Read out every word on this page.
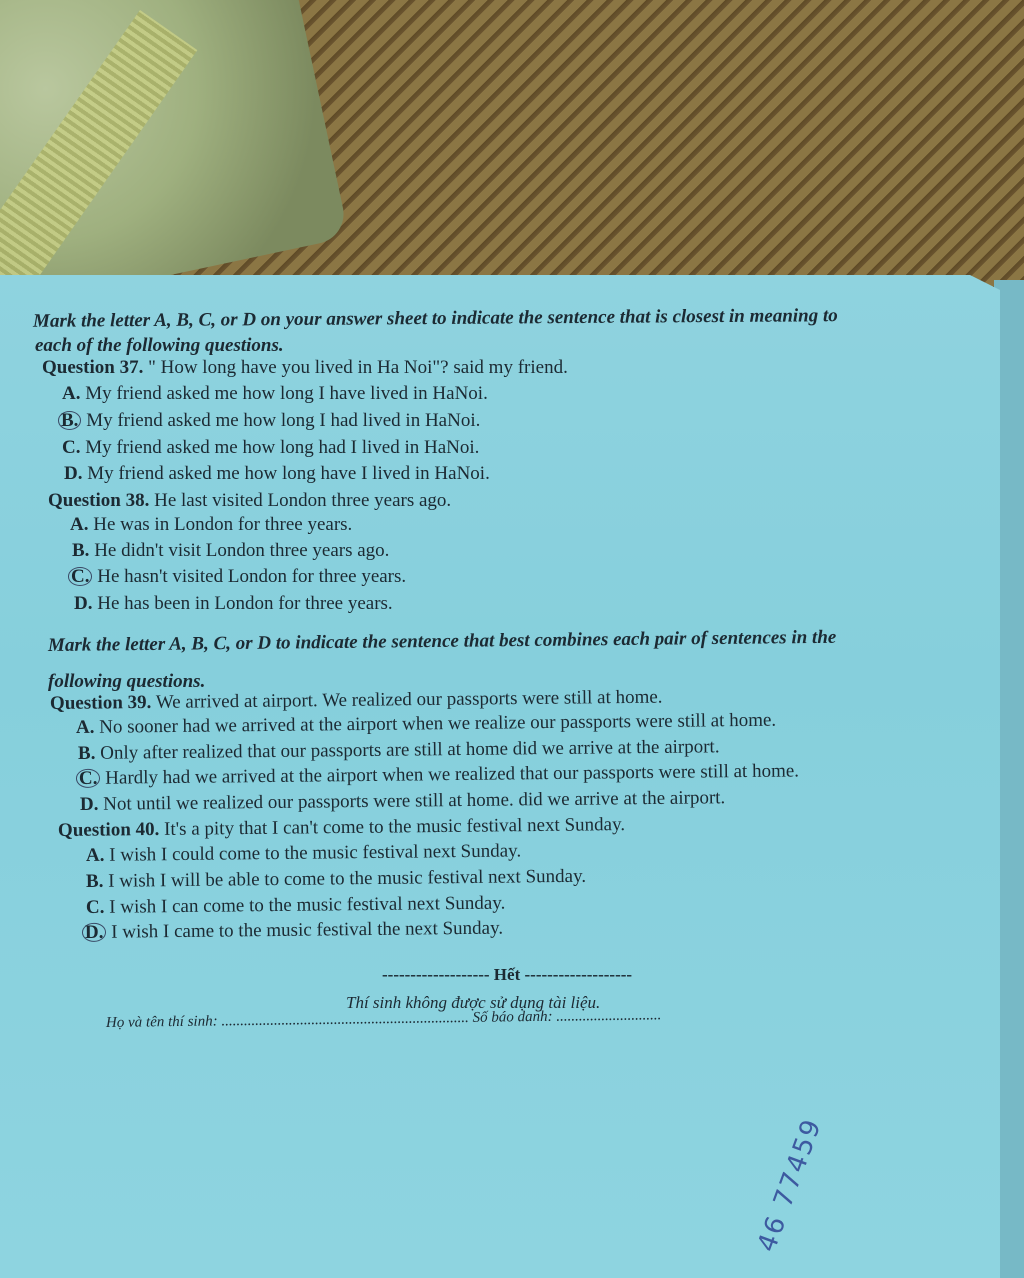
Mark the letter A, B, C, or D on your answer sheet to indicate the sentence that is closest in meaning to
each of the following questions.
Question 37. " How long have you lived in Ha Noi"? said my friend.
A. My friend asked me how long I have lived in HaNoi.
B. My friend asked me how long I had lived in HaNoi.
C. My friend asked me how long had I lived in HaNoi.
D. My friend asked me how long have I lived in HaNoi.
Question 38. He last visited London three years ago.
A. He was in London for three years.
B. He didn't visit London three years ago.
C. He hasn't visited London for three years.
D. He has been in London for three years.
Mark the letter A, B, C, or D to indicate the sentence that best combines each pair of sentences in the
following questions.
Question 39. We arrived at airport. We realized our passports were still at home.
A. No sooner had we arrived at the airport when we realize our passports were still at home.
B. Only after realized that our passports are still at home did we arrive at the airport.
C. Hardly had we arrived at the airport when we realized that our passports were still at home.
D. Not until we realized our passports were still at home. did we arrive at the airport.
Question 40. It's a pity that I can't come to the music festival next Sunday.
A. I wish I could come to the music festival next Sunday.
B. I wish I will be able to come to the music festival next Sunday.
C. I wish I can come to the music festival next Sunday.
D. I wish I came to the music festival the next Sunday.
------------------- Hết -------------------
Thí sinh không được sử dụng tài liệu.
Họ và tên thí sinh: .................................................................. Số báo danh: ............................
46 77459
